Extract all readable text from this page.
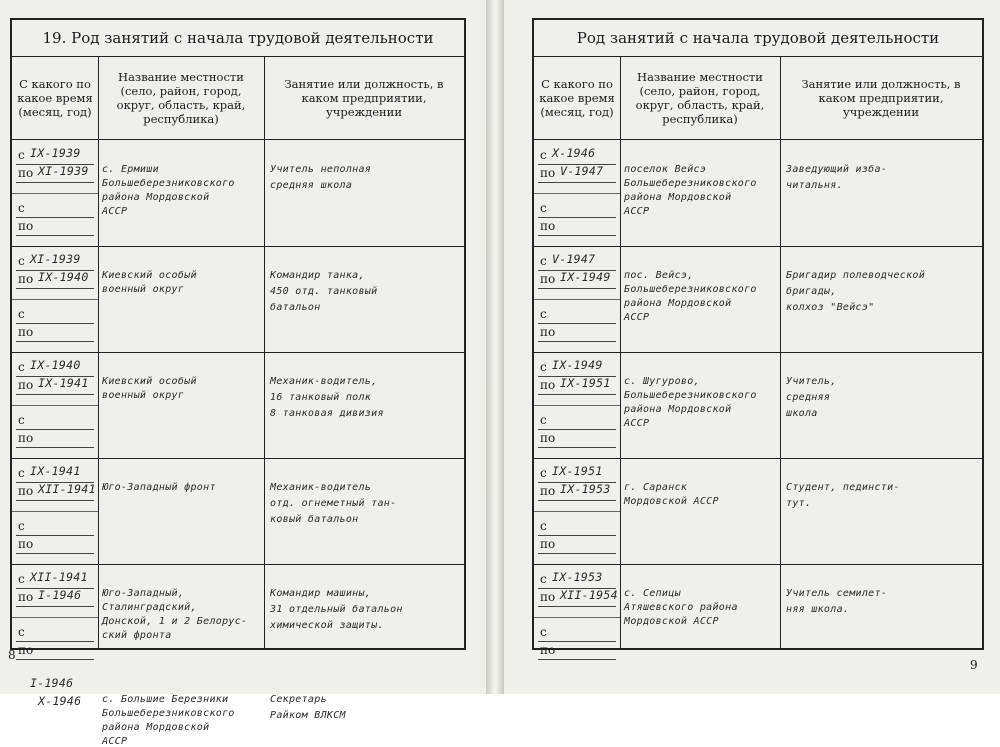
19. Род занятий с начала трудовой деятельности
С какого по какое время (месяц, год)
Название местности (село, район, город, округ, область, край, республика)
Занятие или должность, в каком предприятии, учреждении
с
по
с
по
с
по
с
по
с
по
с
по
с
по
с
по
с
по
с
по
IX-1939
XI-1939 с. Ермиши
Большеберезниковского
района Мордовской
АССР
Учитель неполная
средняя школа
XI-1939
IX-1940 Киевский особый
военный округ
Командир танка,
450 отд. танковый
батальон
IX-1940
IX-1941 Киевский особый
военный округ
Механик-водитель,
16 танковый полк
8 танковая дивизия
IX-1941
XII-1941 Юго-Западный фронт	Механик-водитель
отд. огнеметный тан-
ковый батальон
XII-1941
I-1946 Юго-Западный,
Сталинградский,
Донской, 1 и 2 Белорус-
ский фронта
Командир машины,
31 отдельный батальон
химической защиты.
I-1946
X-1946 с. Большие Березники
Большеберезниковского
района Мордовской
АССР
Секретарь
Райком ВЛКСМ
8
Род занятий с начала трудовой деятельности
С какого по какое время (месяц, год)
Название местности (село, район, город, округ, область, край, республика)
Занятие или должность, в каком предприятии, учреждении
с
по
с
по
с
по
с
по
с
по
с
по
с
по
с
по
с
по
с
по
X-1946
V-1947 поселок Вейсэ
Большеберезниковского
района Мордовской
АССР
Заведующий изба-
читальня.
V-1947
IX-1949 пос. Вейсэ,
Большеберезниковского
района Мордовской
АССР
Бригадир полеводческой
бригады,
колхоз "Вейсэ"
IX-1949
IX-1951 с. Шугурово,
Большеберезниковского
района Мордовской
АССР
Учитель,
средняя
школа
IX-1951
IX-1953 г. Саранск
Мордовской АССР
Студент, пединсти-
тут.
IX-1953
XII-1954 с. Сепицы
Атяшевского района
Мордовской АССР
Учитель семилет-
няя школа.
9
